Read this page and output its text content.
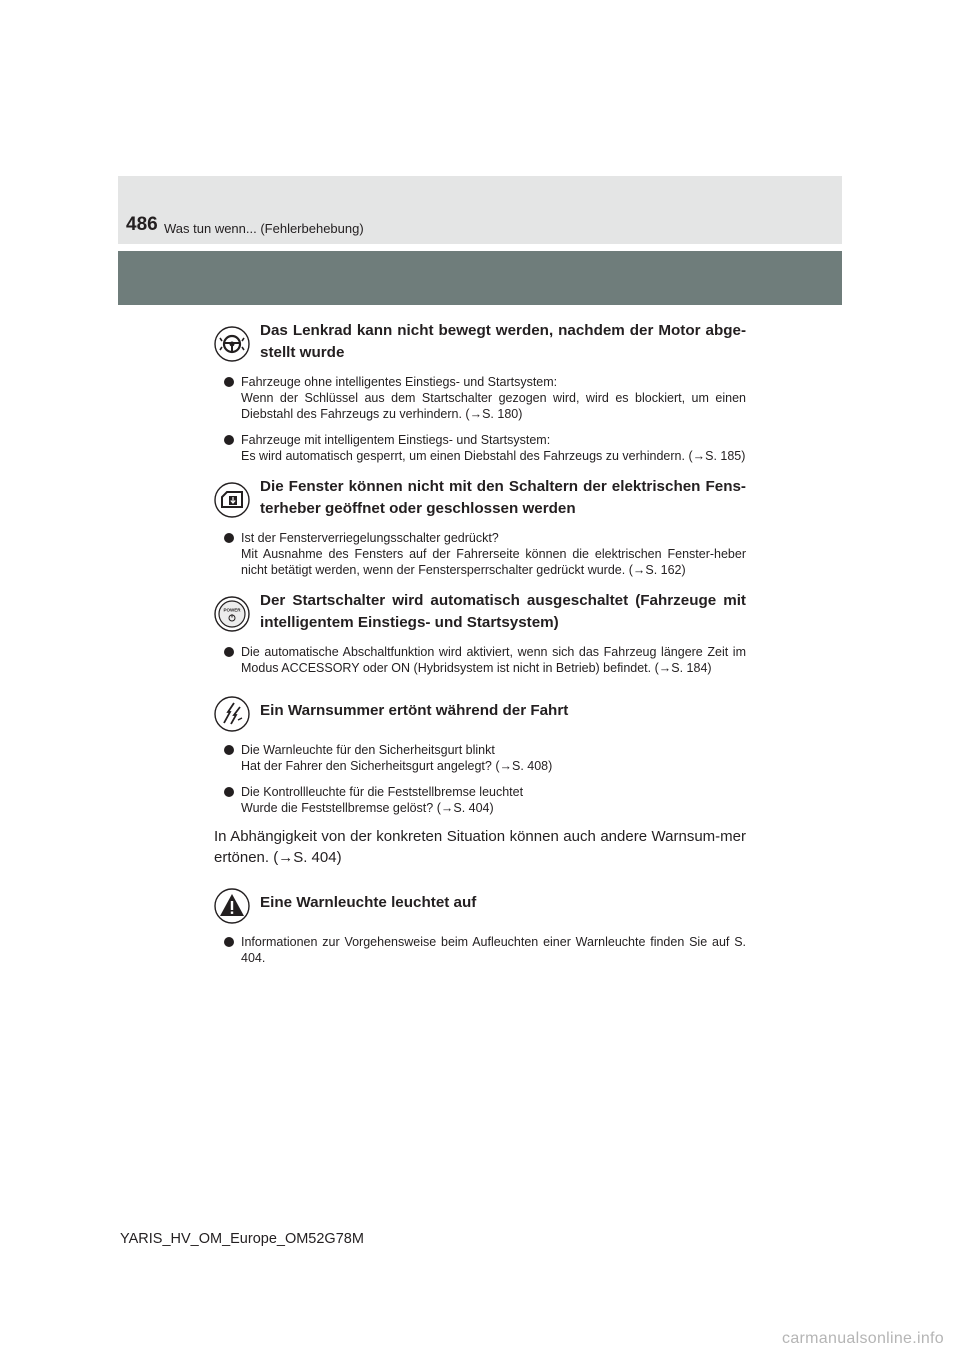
486 Was tun wenn... (Fehlerbehebung)
Das Lenkrad kann nicht bewegt werden, nachdem der Motor abge-stellt wurde

Fahrzeuge ohne intelligentes Einstiegs- und Startsystem:

Wenn der Schlüssel aus dem Startschalter gezogen wird, wird es blockiert, um einen Diebstahl des Fahrzeugs zu verhindern. (→S. 180)

Fahrzeuge mit intelligentem Einstiegs- und Startsystem:

Es wird automatisch gesperrt, um einen Diebstahl des Fahrzeugs zu verhindern. (→S. 185)

Die Fenster können nicht mit den Schaltern der elektrischen Fens-terheber geöffnet oder geschlossen werden

Ist der Fensterverriegelungsschalter gedrückt?

Mit Ausnahme des Fensters auf der Fahrerseite können die elektrischen Fenster-heber nicht betätigt werden, wenn der Fenstersperrschalter gedrückt wurde. (→S. 162)

POWER
Der Startschalter wird automatisch ausgeschaltet (Fahrzeuge mit intelligentem Einstiegs- und Startsystem)

Die automatische Abschaltfunktion wird aktiviert, wenn sich das Fahrzeug längere Zeit im Modus ACCESSORY oder ON (Hybridsystem ist nicht in Betrieb) befindet. (→S. 184)

Ein Warnsummer ertönt während der Fahrt

Die Warnleuchte für den Sicherheitsgurt blinkt

Hat der Fahrer den Sicherheitsgurt angelegt? (→S. 408)

Die Kontrollleuchte für die Feststellbremse leuchtet

Wurde die Feststellbremse gelöst? (→S. 404)

In Abhängigkeit von der konkreten Situation können auch andere Warnsum-mer ertönen. (→S. 404)
Eine Warnleuchte leuchtet auf

Informationen zur Vorgehensweise beim Aufleuchten einer Warnleuchte finden Sie auf S. 404.

YARIS_HV_OM_Europe_OM52G78M
carmanualsonline.info
